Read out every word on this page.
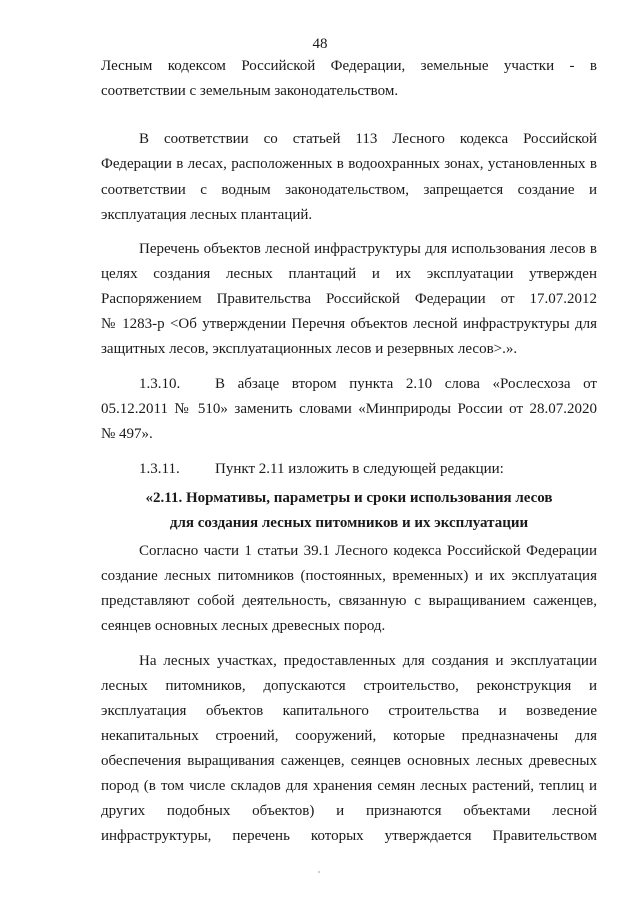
48
Лесным кодексом Российской Федерации, земельные участки - в
соответствии с земельным законодательством.
В соответствии со статьей 113 Лесного кодекса Российской
Федерации в лесах, расположенных в водоохранных зонах, установленных в
соответствии с водным законодательством, запрещается создание и
эксплуатация лесных плантаций.
Перечень объектов лесной инфраструктуры для использования лесов в
целях создания лесных плантаций и их эксплуатации утвержден
Распоряжением Правительства Российской Федерации от 17.07.2012
№ 1283-р <Об утверждении Перечня объектов лесной инфраструктуры для
защитных лесов, эксплуатационных лесов и резервных лесов>.».
1.3.10. В абзаце втором пункта 2.10 слова «Рослесхоза от
05.12.2011 № 510» заменить словами «Минприроды России от 28.07.2020
№ 497».
1.3.11. Пункт 2.11 изложить в следующей редакции:
«2.11. Нормативы, параметры и сроки использования лесов
для создания лесных питомников и их эксплуатации
Согласно части 1 статьи 39.1 Лесного кодекса Российской Федерации
создание лесных питомников (постоянных, временных) и их эксплуатация
представляют собой деятельность, связанную с выращиванием саженцев,
сеянцев основных лесных древесных пород.
На лесных участках, предоставленных для создания и эксплуатации
лесных питомников, допускаются строительство, реконструкция и
эксплуатация объектов капитального строительства и возведение
некапитальных строений, сооружений, которые предназначены для
обеспечения выращивания саженцев, сеянцев основных лесных древесных
пород (в том числе складов для хранения семян лесных растений, теплиц и
других подобных объектов) и признаются объектами лесной
инфраструктуры, перечень которых утверждается Правительством
